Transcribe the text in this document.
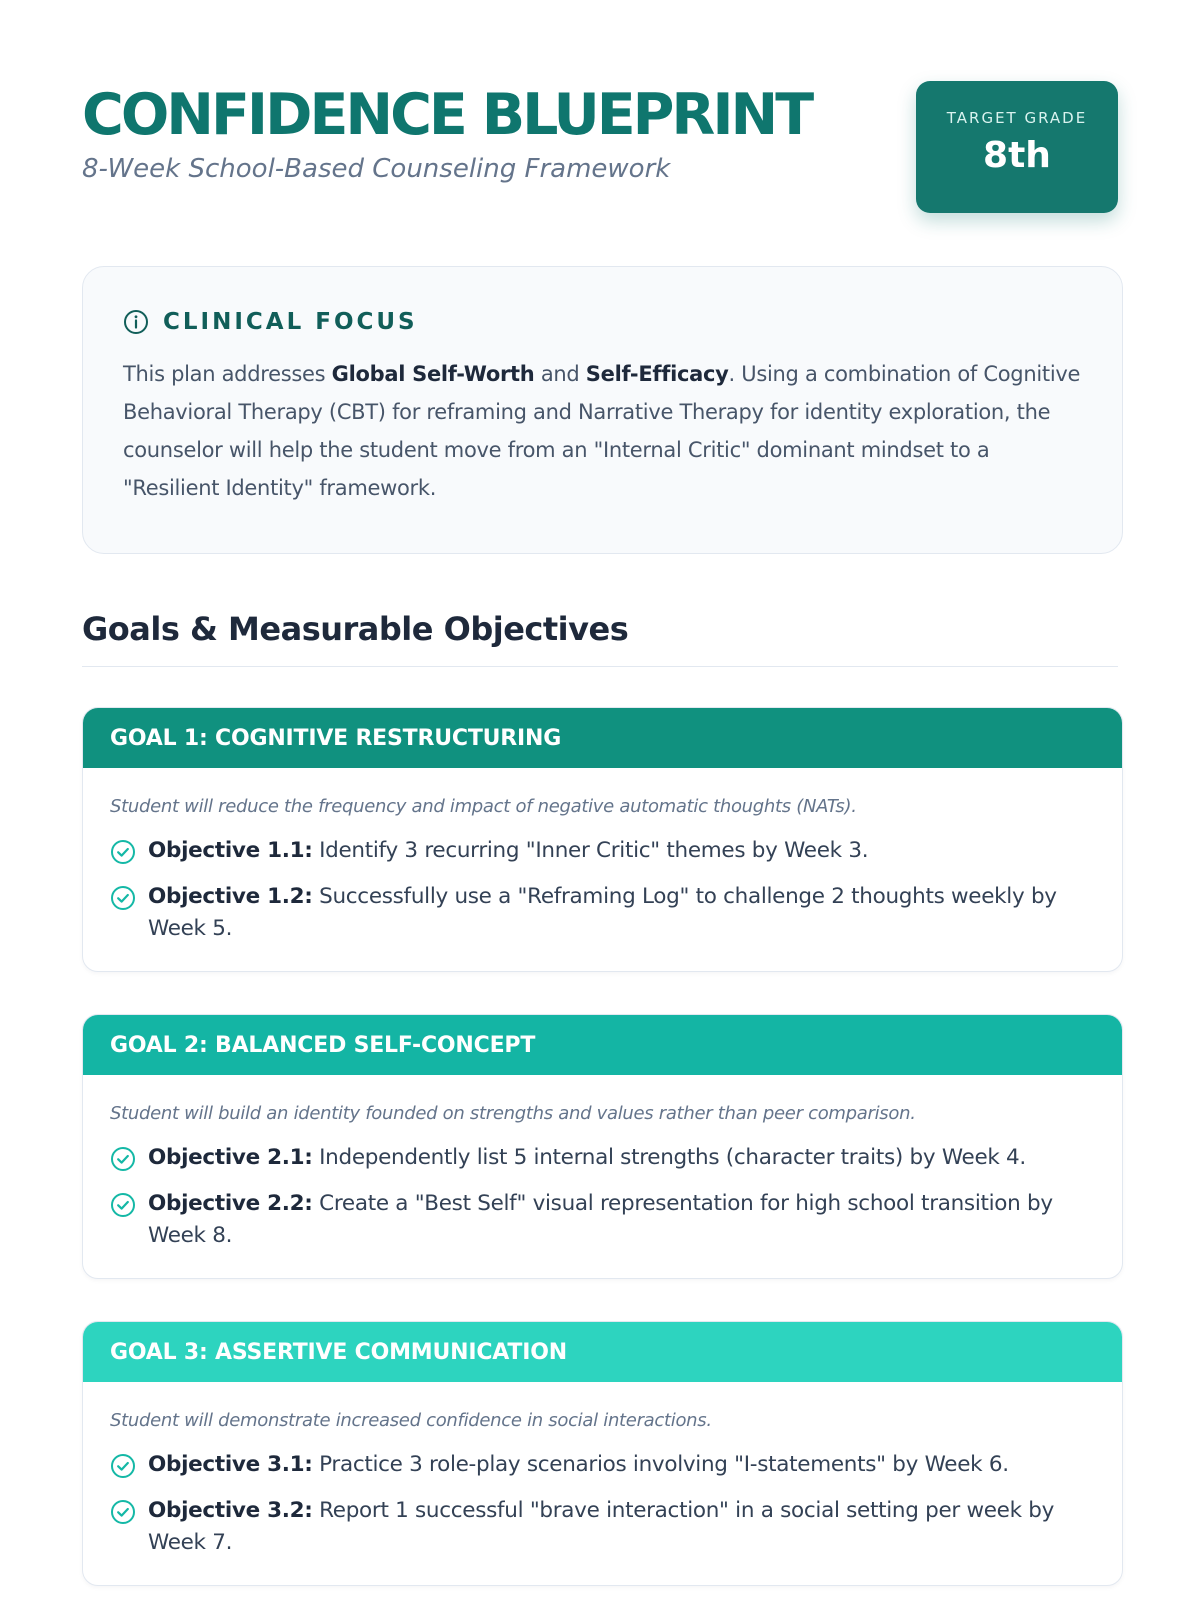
CONFIDENCE BLUEPRINT
8-Week School-Based Counseling Framework
TARGET GRADE
8th
CLINICAL FOCUS

This plan addresses Global Self-Worth and Self-Efficacy. Using a combination of Cognitive Behavioral Therapy (CBT) for reframing and Narrative Therapy for identity exploration, the counselor will help the student move from an "Internal Critic" dominant mindset to a "Resilient Identity" framework.

Goals & Measurable Objectives
GOAL 1: COGNITIVE RESTRUCTURING

Student will reduce the frequency and impact of negative automatic thoughts (NATs).

Objective 1.1: Identify 3 recurring "Inner Critic" themes by Week 3.
Objective 1.2: Successfully use a "Reframing Log" to challenge 2 thoughts weekly by Week 5.
GOAL 2: BALANCED SELF-CONCEPT

Student will build an identity founded on strengths and values rather than peer comparison.

Objective 2.1: Independently list 5 internal strengths (character traits) by Week 4.
Objective 2.2: Create a "Best Self" visual representation for high school transition by Week 8.
GOAL 3: ASSERTIVE COMMUNICATION

Student will demonstrate increased confidence in social interactions.

Objective 3.1: Practice 3 role-play scenarios involving "I-statements" by Week 6.
Objective 3.2: Report 1 successful "brave interaction" in a social setting per week by Week 7.
